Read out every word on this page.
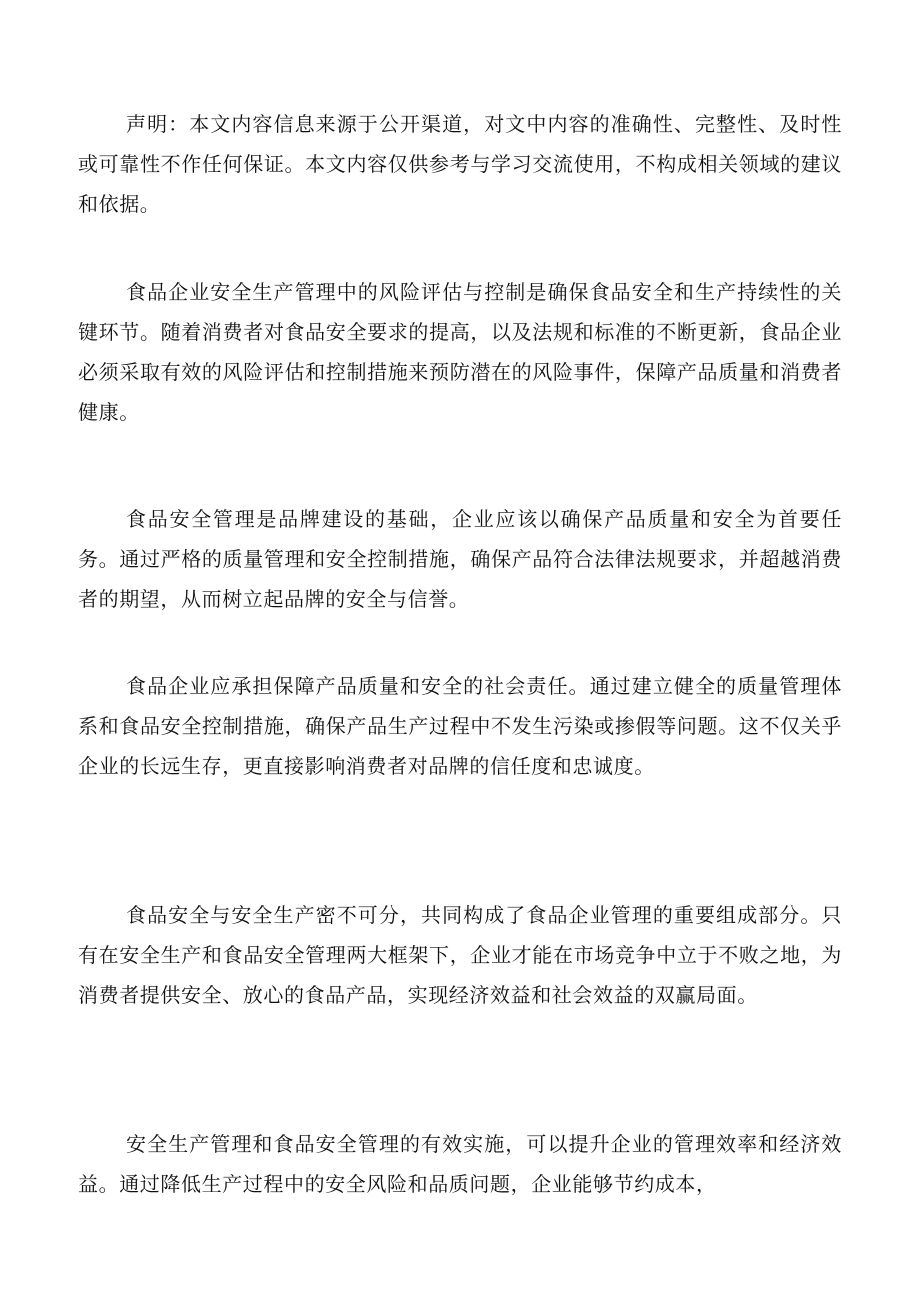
声明：本文内容信息来源于公开渠道，对文中内容的准确性、完整性、及时性或可靠性不作任何保证。本文内容仅供参考与学习交流使用，不构成相关领域的建议和依据。

食品企业安全生产管理中的风险评估与控制是确保食品安全和生产持续性的关键环节。随着消费者对食品安全要求的提高，以及法规和标准的不断更新，食品企业必须采取有效的风险评估和控制措施来预防潜在的风险事件，保障产品质量和消费者健康。

食品安全管理是品牌建设的基础，企业应该以确保产品质量和安全为首要任务。通过严格的质量管理和安全控制措施，确保产品符合法律法规要求，并超越消费者的期望，从而树立起品牌的安全与信誉。

食品企业应承担保障产品质量和安全的社会责任。通过建立健全的质量管理体系和食品安全控制措施，确保产品生产过程中不发生污染或掺假等问题。这不仅关乎企业的长远生存，更直接影响消费者对品牌的信任度和忠诚度。

食品安全与安全生产密不可分，共同构成了食品企业管理的重要组成部分。只有在安全生产和食品安全管理两大框架下，企业才能在市场竞争中立于不败之地，为消费者提供安全、放心的食品产品，实现经济效益和社会效益的双赢局面。

安全生产管理和食品安全管理的有效实施，可以提升企业的管理效率和经济效益。通过降低生产过程中的安全风险和品质问题，企业能够节约成本，
